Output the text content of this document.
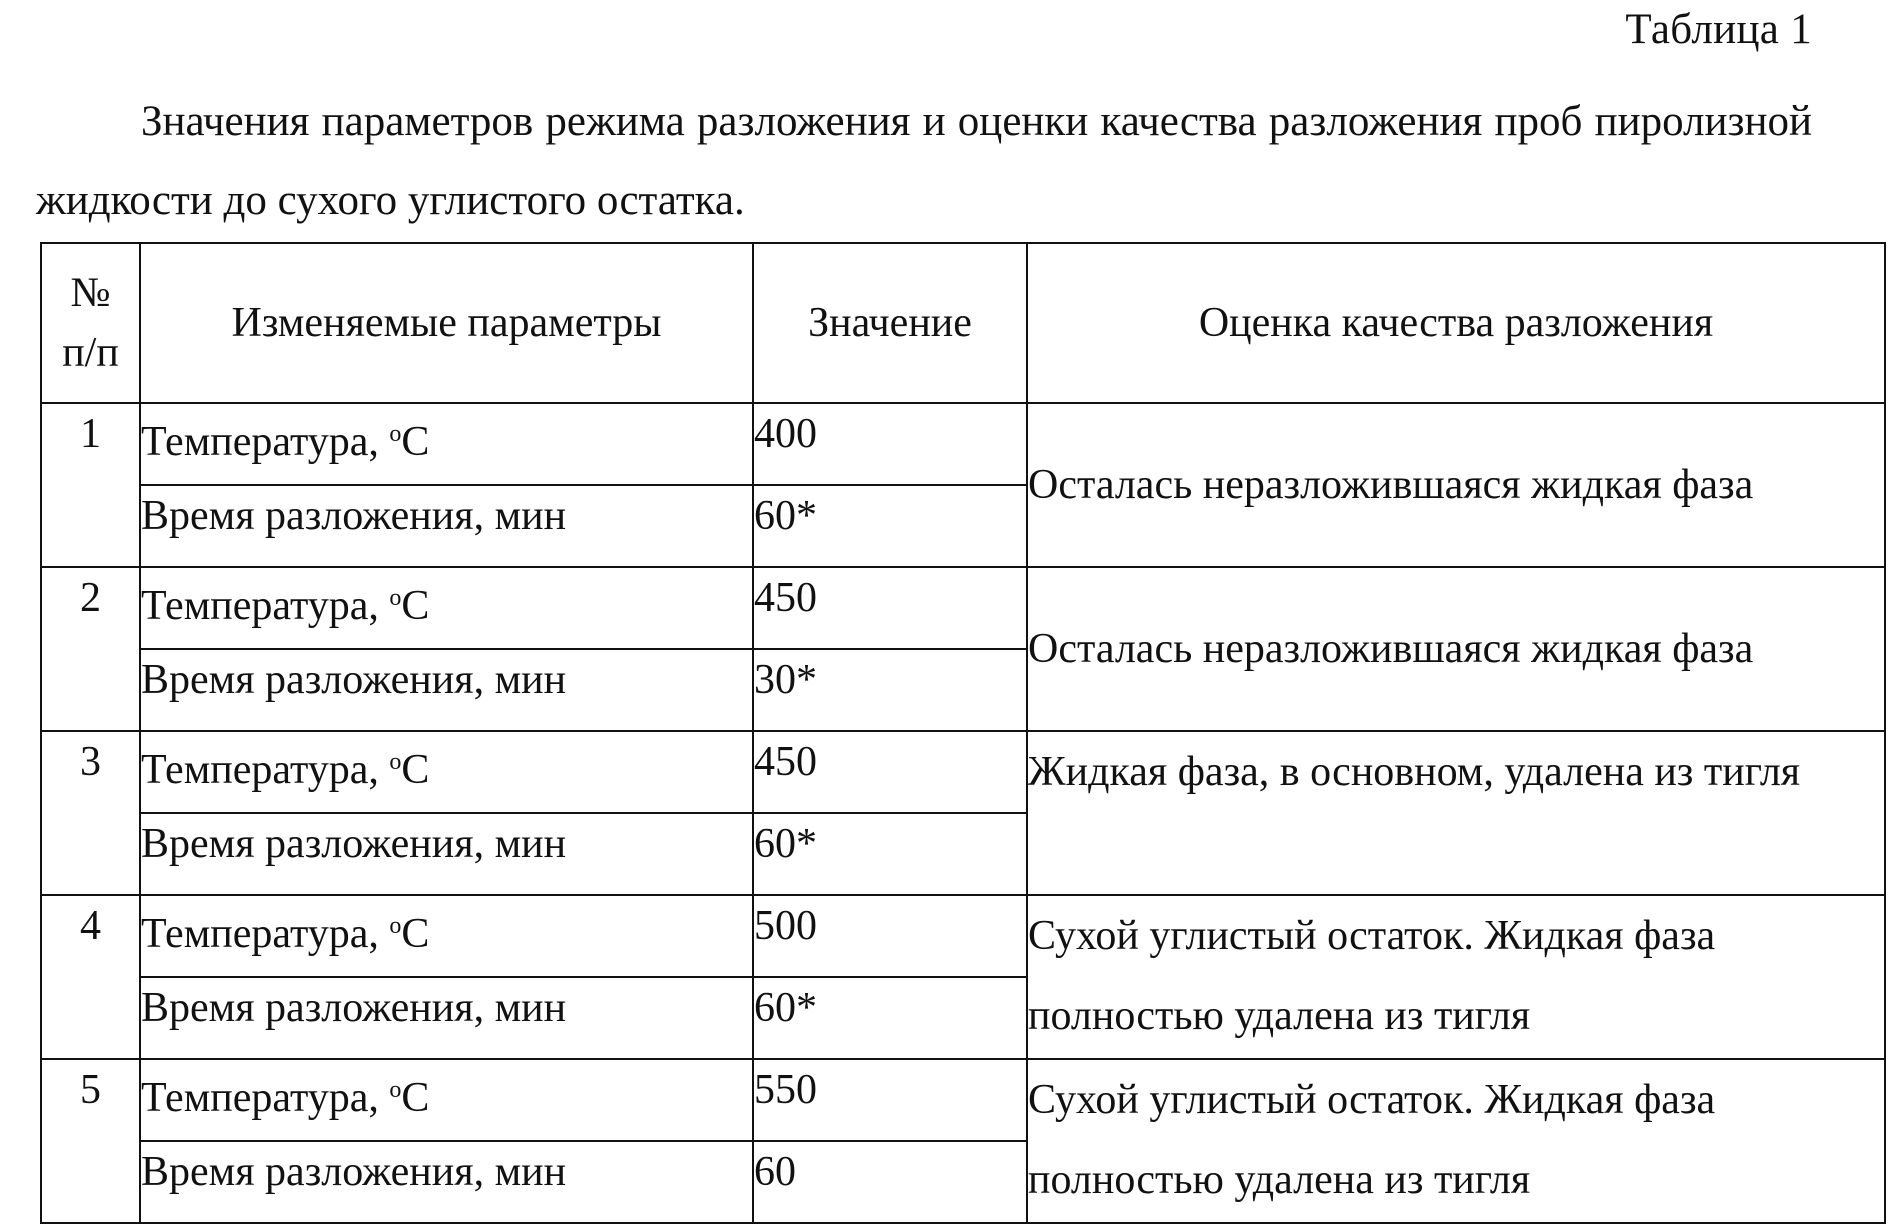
Таблица 1
Значения параметров режима разложения и оценки качества разложения проб пиролизной жидкости до сухого углистого остатка.
№
п/п	Изменяемые параметры	Значение	Оценка качества разложения
1	Температура, $^o$C	400	Осталась неразложившаяся жидкая фаза
	Время разложения, мин	60*	
2	Температура, $^o$C	450	Осталась неразложившаяся жидкая фаза
	Время разложения, мин	30*	
3	Температура, $^o$C	450	Жидкая фаза, в основном, удалена из тигля
	Время разложения, мин	60*	
4	Температура, $^o$C	500	Сухой углистый остаток. Жидкая фаза полностью удалена из тигля
	Время разложения, мин	60*	
5	Температура, $^o$C	550	Сухой углистый остаток. Жидкая фаза полностью удалена из тигля
	Время разложения, мин	60	
